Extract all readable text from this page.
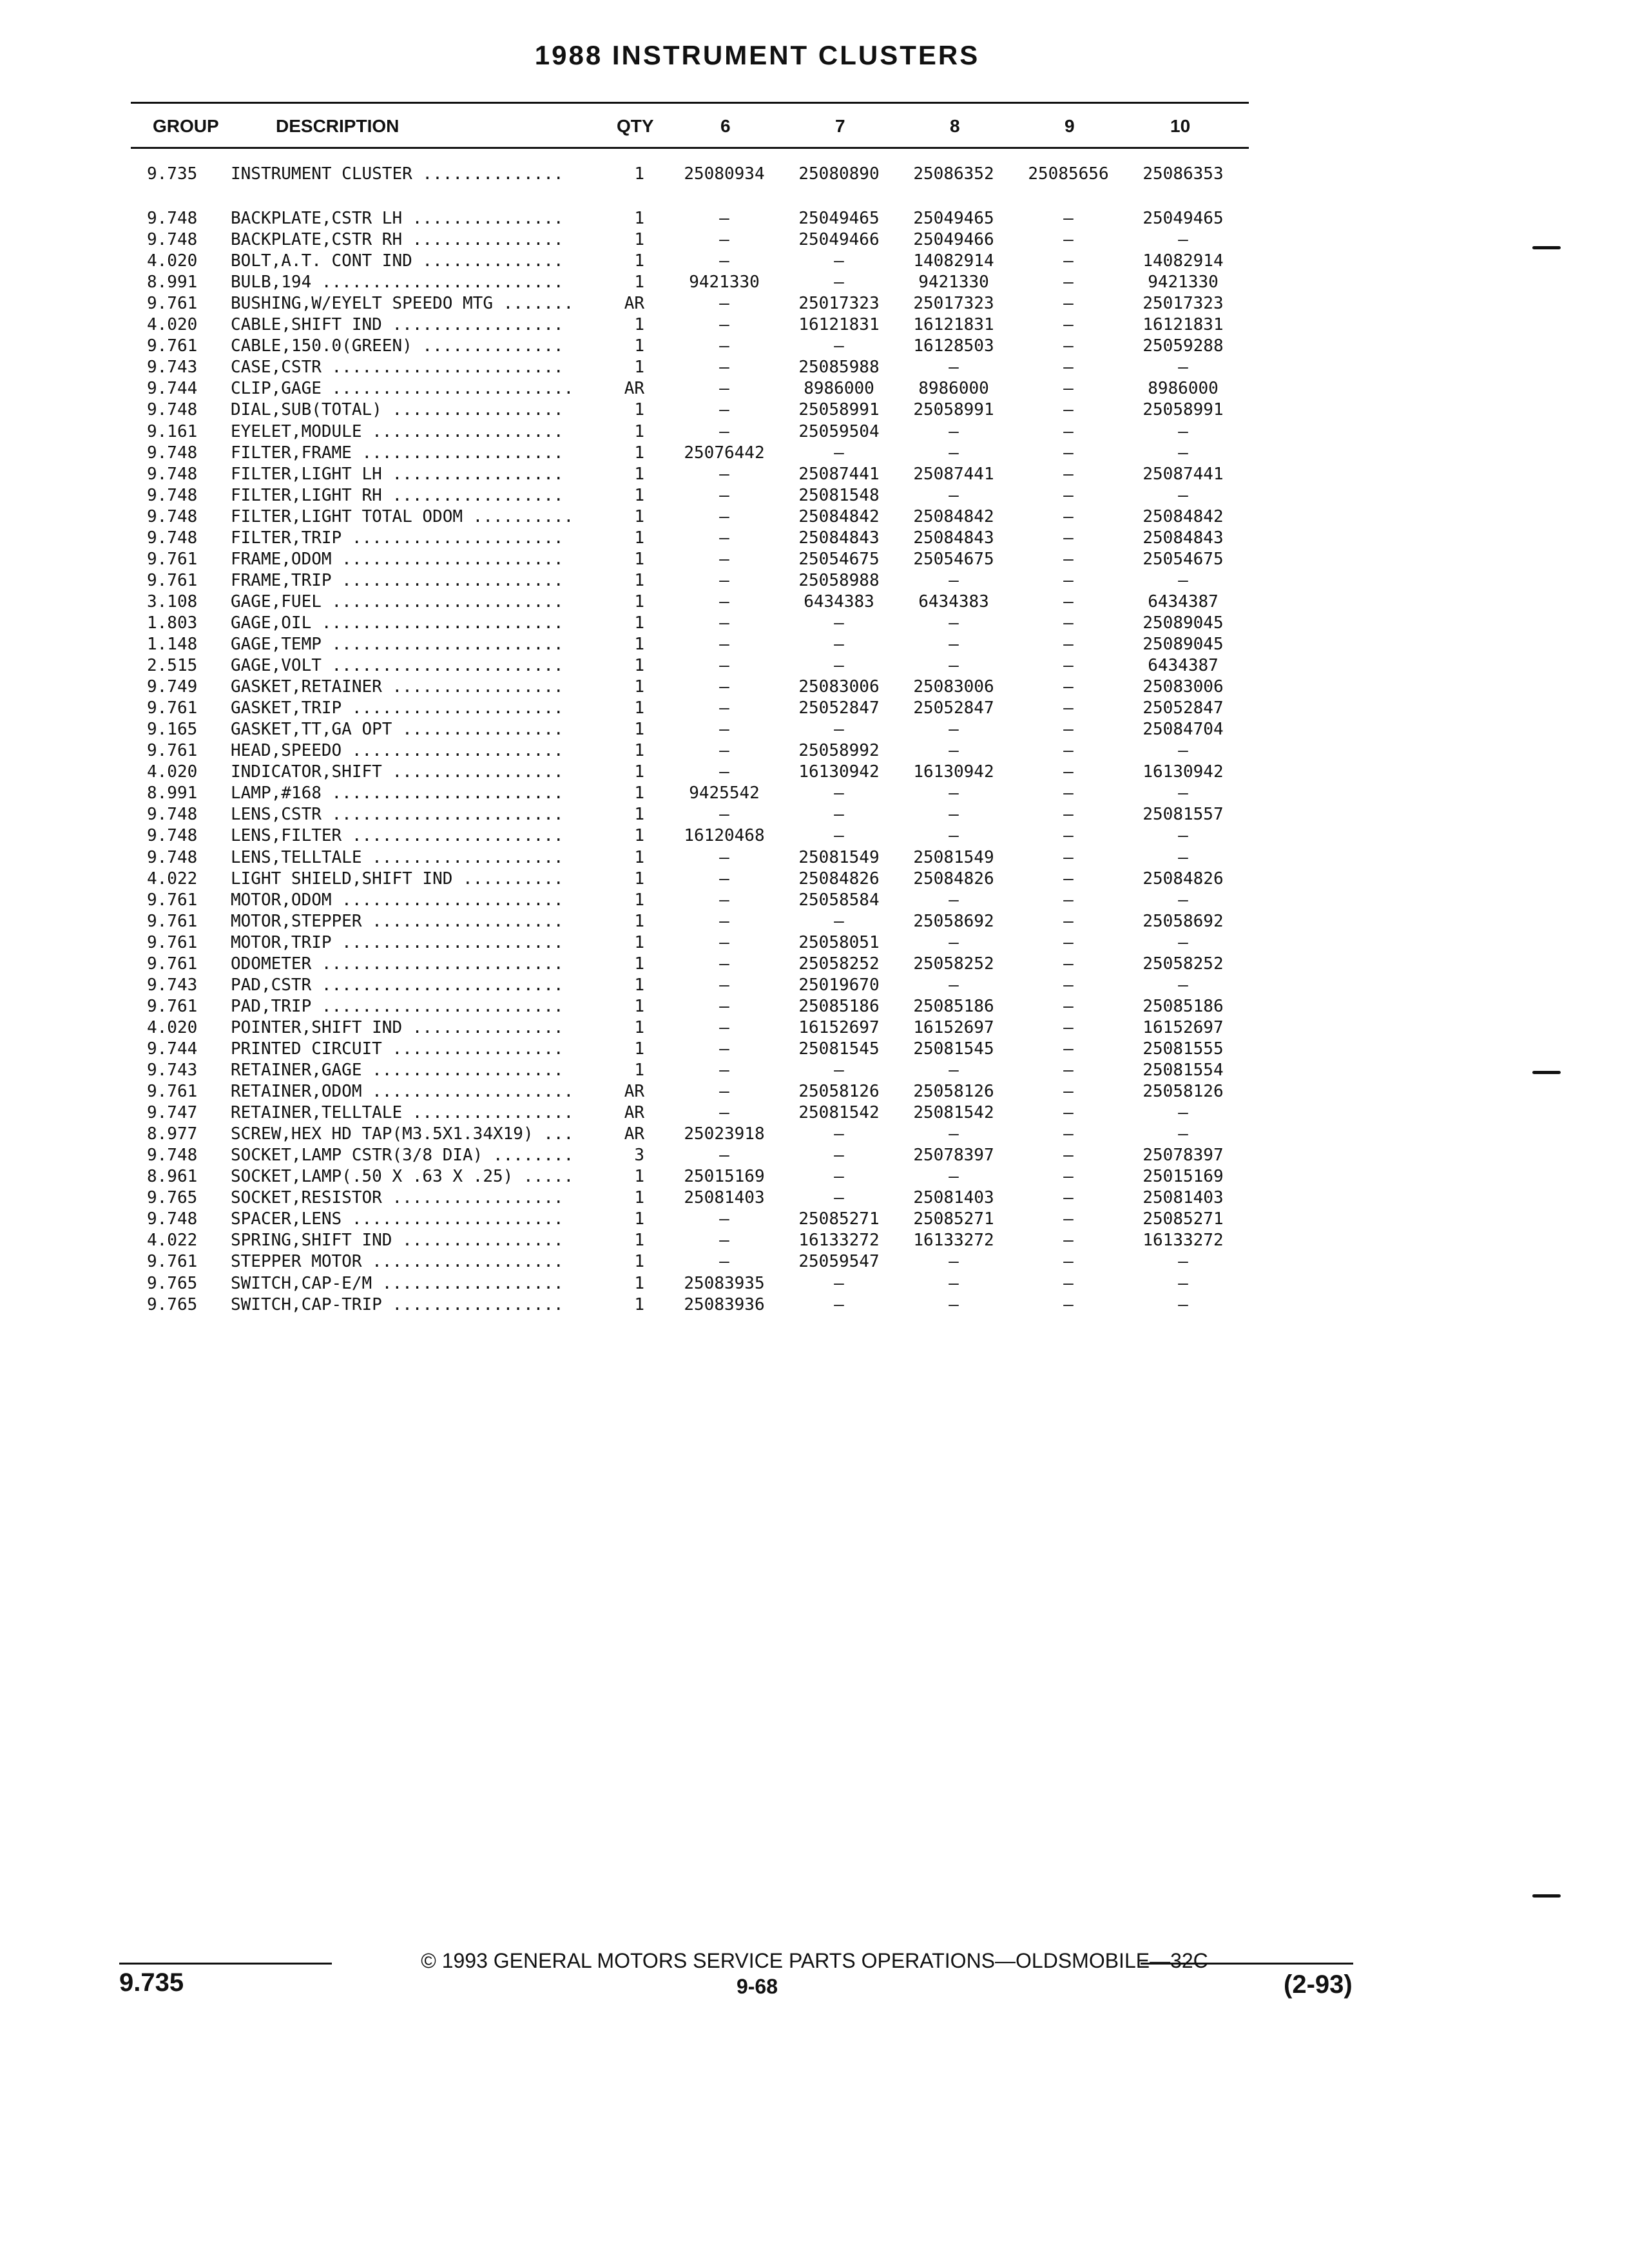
1988 INSTRUMENT CLUSTERS
GROUP	DESCRIPTION	QTY	6	7	8	9	10
9.735 INSTRUMENT CLUSTER ..............	1	25080934	25080890	25086352	25085656	25086353
9.748 BACKPLATE,CSTR LH ...............	1	—	25049465	25049465	—	25049465
9.748 BACKPLATE,CSTR RH ...............	1	—	25049466	25049466	—	—
4.020 BOLT,A.T. CONT IND ..............	1	—	—	14082914	—	14082914
8.991 BULB,194 ........................	1	9421330	—	9421330	—	9421330
9.761 BUSHING,W/EYELT SPEEDO MTG .......	AR	—	25017323	25017323	—	25017323
4.020 CABLE,SHIFT IND .................	1	—	16121831	16121831	—	16121831
9.761 CABLE,150.0(GREEN) ..............	1	—	—	16128503	—	25059288
9.743 CASE,CSTR .......................	1	—	25085988	—	—	—
9.744 CLIP,GAGE ........................	AR	—	8986000	8986000	—	8986000
9.748 DIAL,SUB(TOTAL) .................	1	—	25058991	25058991	—	25058991
9.161 EYELET,MODULE ...................	1	—	25059504	—	—	—
9.748 FILTER,FRAME ....................	1	25076442	—	—	—	—
9.748 FILTER,LIGHT LH .................	1	—	25087441	25087441	—	25087441
9.748 FILTER,LIGHT RH .................	1	—	25081548	—	—	—
9.748 FILTER,LIGHT TOTAL ODOM ..........	1	—	25084842	25084842	—	25084842
9.748 FILTER,TRIP .....................	1	—	25084843	25084843	—	25084843
9.761 FRAME,ODOM ......................	1	—	25054675	25054675	—	25054675
9.761 FRAME,TRIP ......................	1	—	25058988	—	—	—
3.108 GAGE,FUEL .......................	1	—	6434383	6434383	—	6434387
1.803 GAGE,OIL ........................	1	—	—	—	—	25089045
1.148 GAGE,TEMP .......................	1	—	—	—	—	25089045
2.515 GAGE,VOLT .......................	1	—	—	—	—	6434387
9.749 GASKET,RETAINER .................	1	—	25083006	25083006	—	25083006
9.761 GASKET,TRIP .....................	1	—	25052847	25052847	—	25052847
9.165 GASKET,TT,GA OPT ................	1	—	—	—	—	25084704
9.761 HEAD,SPEEDO .....................	1	—	25058992	—	—	—
4.020 INDICATOR,SHIFT .................	1	—	16130942	16130942	—	16130942
8.991 LAMP,#168 .......................	1	9425542	—	—	—	—
9.748 LENS,CSTR .......................	1	—	—	—	—	25081557
9.748 LENS,FILTER .....................	1	16120468	—	—	—	—
9.748 LENS,TELLTALE ...................	1	—	25081549	25081549	—	—
4.022 LIGHT SHIELD,SHIFT IND ..........	1	—	25084826	25084826	—	25084826
9.761 MOTOR,ODOM ......................	1	—	25058584	—	—	—
9.761 MOTOR,STEPPER ...................	1	—	—	25058692	—	25058692
9.761 MOTOR,TRIP ......................	1	—	25058051	—	—	—
9.761 ODOMETER ........................	1	—	25058252	25058252	—	25058252
9.743 PAD,CSTR ........................	1	—	25019670	—	—	—
9.761 PAD,TRIP ........................	1	—	25085186	25085186	—	25085186
4.020 POINTER,SHIFT IND ...............	1	—	16152697	16152697	—	16152697
9.744 PRINTED CIRCUIT .................	1	—	25081545	25081545	—	25081555
9.743 RETAINER,GAGE ...................	1	—	—	—	—	25081554
9.761 RETAINER,ODOM ....................	AR	—	25058126	25058126	—	25058126
9.747 RETAINER,TELLTALE ................	AR	—	25081542	25081542	—	—
8.977 SCREW,HEX HD TAP(M3.5X1.34X19) ...	AR	25023918	—	—	—	—
9.748 SOCKET,LAMP CSTR(3/8 DIA) ........	3	—	—	25078397	—	25078397
8.961 SOCKET,LAMP(.50 X .63 X .25) .....	1	25015169	—	—	—	25015169
9.765 SOCKET,RESISTOR .................	1	25081403	—	25081403	—	25081403
9.748 SPACER,LENS .....................	1	—	25085271	25085271	—	25085271
4.022 SPRING,SHIFT IND ................	1	—	16133272	16133272	—	16133272
9.761 STEPPER MOTOR ...................	1	—	25059547	—	—	—
9.765 SWITCH,CAP-E/M ..................	1	25083935	—	—	—	—
9.765 SWITCH,CAP-TRIP .................	1	25083936	—	—	—	—
© 1993 GENERAL MOTORS SERVICE PARTS OPERATIONS—OLDSMOBILE—32C
9.735	9-68	(2-93)
